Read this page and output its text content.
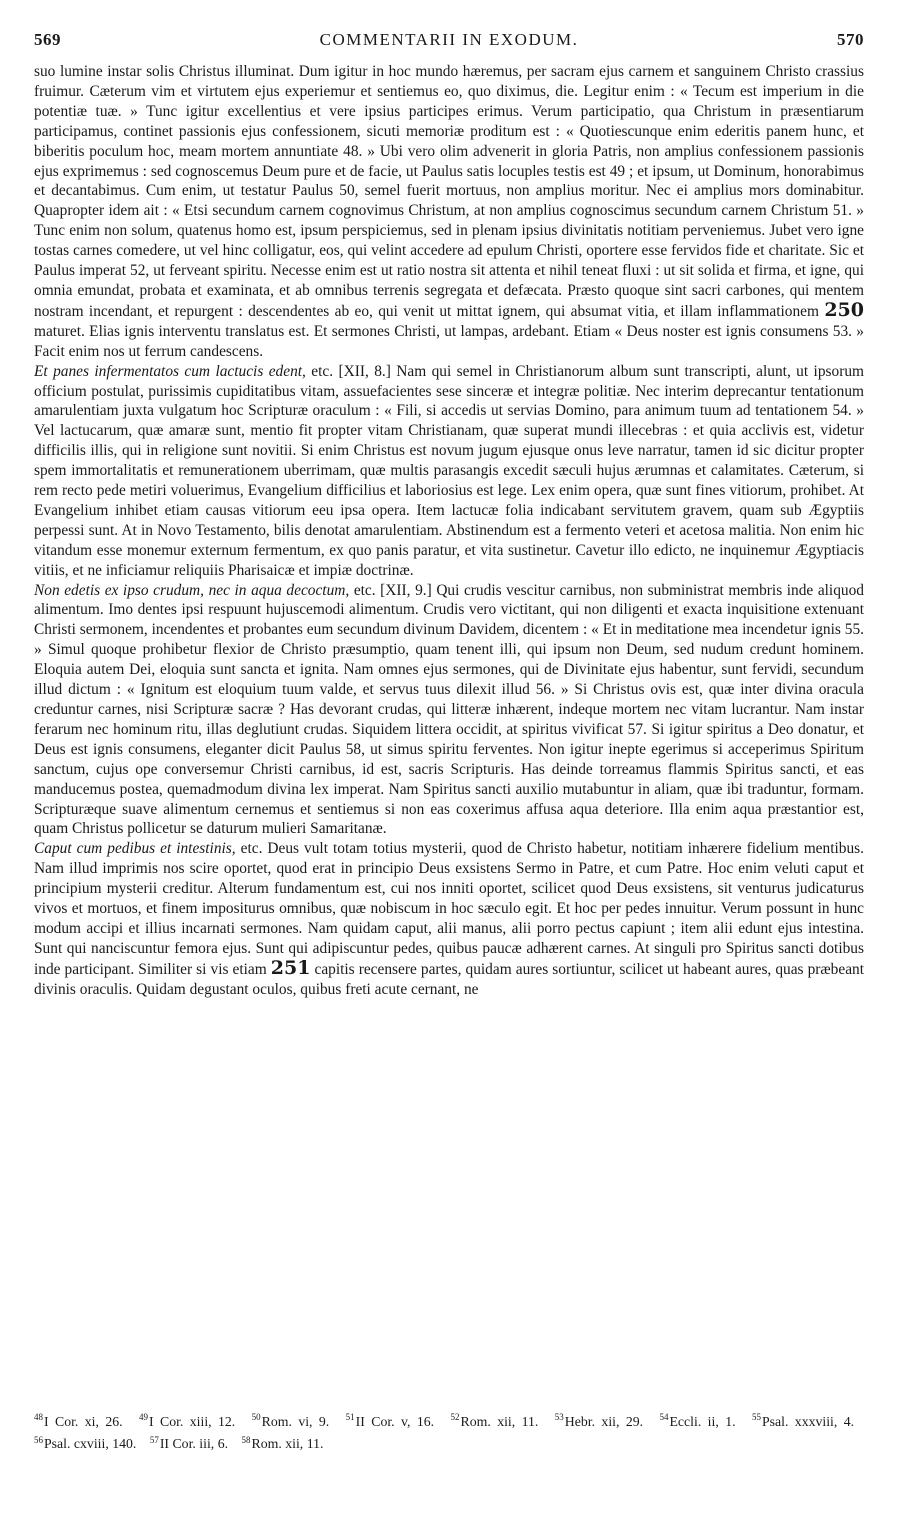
569	COMMENTARII IN EXODUM.	570

suo lumine instar solis Christus illuminat. Dum igitur in hoc mundo hæremus, per sacram ejus carnem et sanguinem Christo crassius fruimur. Cæterum vim et virtutem ejus experiemur et sentiemus eo, quo diximus, die. Legitur enim : « Tecum est imperium in die potentiæ tuæ. » Tunc igitur excellentius et vere ipsius participes erimus. Verum participatio, qua Christum in præsentiarum participamus, continet passionis ejus confessionem, sicuti memoriæ proditum est : « Quotiescunque enim ederitis panem hunc, et biberitis poculum hoc, meam mortem annuntiate 48. » Ubi vero olim advenerit in gloria Patris, non amplius confessionem passionis ejus exprimemus : sed cognoscemus Deum pure et de facie, ut Paulus satis locuples testis est 49 ; et ipsum, ut Dominum, honorabimus et decantabimus. Cum enim, ut testatur Paulus 50, semel fuerit mortuus, non amplius moritur. Nec ei amplius mors dominabitur. Quapropter idem ait : « Etsi secundum carnem cognovimus Christum, at non amplius cognoscimus secundum carnem Christum 51. » Tunc enim non solum, quatenus homo est, ipsum perspiciemus, sed in plenam ipsius divinitatis notitiam perveniemus. Jubet vero igne tostas carnes comedere, ut vel hinc colligatur, eos, qui velint accedere ad epulum Christi, oportere esse fervidos fide et charitate. Sic et Paulus imperat 52, ut ferveant spiritu. Necesse enim est ut ratio nostra sit attenta et nihil teneat fluxi : ut sit solida et firma, et igne, qui omnia emundat, probata et examinata, et ab omnibus terrenis segregata et defæcata. Præsto quoque sint sacri carbones, qui mentem nostram incendant, et repurgent : descendentes ab eo, qui venit ut mittat ignem, qui absumat vitia, et illam inflammationem 250 maturet. Elias ignis interventu translatus est. Et sermones Christi, ut lampas, ardebant. Etiam « Deus noster est ignis consumens 53. » Facit enim nos ut ferrum candescens.

Et panes infermentatos cum lactucis edent, etc. [XII, 8.] Nam qui semel in Christianorum album sunt transcripti, alunt, ut ipsorum officium postulat, purissimis cupiditatibus vitam, assuefacientes sese sinceræ et integræ politiæ. Nec interim deprecantur tentationum amarulentiam juxta vulgatum hoc Scripturæ oraculum : « Fili, si accedis ut servias Domino, para animum tuum ad tentationem 54. » Vel lactucarum, quæ amaræ sunt, mentio fit propter vitam Christianam, quæ superat mundi illecebras : et quia acclivis est, videtur difficilis illis, qui in religione sunt novitii. Si enim Christus est novum jugum ejusque onus leve narratur, tamen id sic dicitur propter spem immortalitatis et remunerationem uberrimam, quæ multis parasangis excedit sæculi hujus ærumnas et calamitates. Cæterum, si rem recto pede metiri voluerimus, Evangelium difficilius et laboriosius est lege. Lex enim opera, quæ sunt fines vitiorum, prohibet. At Evangelium inhibet etiam causas vitiorum eeu ipsa opera. Item lactucæ folia indicabant servitutem gravem, quam sub Ægyptiis perpessi sunt. At in Novo Testamento, bilis denotat amarulentiam. Abstinendum est a fermento veteri et acetosa malitia. Non enim hic vitandum esse monemur externum fermentum, ex quo panis paratur, et vita sustinetur. Cavetur illo edicto, ne inquinemur Ægyptiacis vitiis, et ne inficiamur reliquiis Pharisaicæ et impiæ doctrinæ.

Non edetis ex ipso crudum, nec in aqua decoctum, etc. [XII, 9.] Qui crudis vescitur carnibus, non subministrat membris inde aliquod alimentum. Imo dentes ipsi respuunt hujuscemodi alimentum. Crudis vero victitant, qui non diligenti et exacta inquisitione extenuant Christi sermonem, incendentes et probantes eum secundum divinum Davidem, dicentem : « Et in meditatione mea incendetur ignis 55. » Simul quoque prohibetur flexior de Christo præsumptio, quam tenent illi, qui ipsum non Deum, sed nudum credunt hominem. Eloquia autem Dei, eloquia sunt sancta et ignita. Nam omnes ejus sermones, qui de Divinitate ejus habentur, sunt fervidi, secundum illud dictum : « Ignitum est eloquium tuum valde, et servus tuus dilexit illud 56. » Si Christus ovis est, quæ inter divina oracula creduntur carnes, nisi Scripturæ sacræ ? Has devorant crudas, qui litteræ inhærent, indeque mortem nec vitam lucrantur. Nam instar ferarum nec hominum ritu, illas deglutiunt crudas. Siquidem littera occidit, at spiritus vivificat 57. Si igitur spiritus a Deo donatur, et Deus est ignis consumens, eleganter dicit Paulus 58, ut simus spiritu ferventes. Non igitur inepte egerimus si acceperimus Spiritum sanctum, cujus ope conversemur Christi carnibus, id est, sacris Scripturis. Has deinde torreamus flammis Spiritus sancti, et eas manducemus postea, quemadmodum divina lex imperat. Nam Spiritus sancti auxilio mutabuntur in aliam, quæ ibi traduntur, formam. Scripturæque suave alimentum cernemus et sentiemus si non eas coxerimus affusa aqua deteriore. Illa enim aqua præstantior est, quam Christus pollicetur se daturum mulieri Samaritanæ.

Caput cum pedibus et intestinis, etc. Deus vult totam totius mysterii, quod de Christo habetur, notitiam inhærere fidelium mentibus. Nam illud imprimis nos scire oportet, quod erat in principio Deus exsistens Sermo in Patre, et cum Patre. Hoc enim veluti caput et principium mysterii creditur. Alterum fundamentum est, cui nos inniti oportet, scilicet quod Deus exsistens, sit venturus judicaturus vivos et mortuos, et finem impositurus omnibus, quæ nobiscum in hoc sæculo egit. Et hoc per pedes innuitur. Verum possunt in hunc modum accipi et illius incarnati sermones. Nam quidam caput, alii manus, alii porro pectus capiunt ; item alii edunt ejus intestina. Sunt qui nanciscuntur femora ejus. Sunt qui adipiscuntur pedes, quibus paucæ adhærent carnes. At singuli pro Spiritus sancti dotibus inde participant. Similiter si vis etiam 251 capitis recensere partes, quidam aures sortiuntur, scilicet ut habeant aures, quas præbeant divinis oraculis. Quidam degustant oculos, quibus freti acute cernant, ne

$^{48}$I Cor. xi, 26. $^{49}$I Cor. xiii, 12. $^{50}$Rom. vi, 9. $^{51}$II Cor. v, 16. $^{52}$Rom. xii, 11. $^{53}$Hebr. xii, 29. $^{54}$Eccli. ii, 1. $^{55}$Psal. xxxviii, 4. $^{56}$Psal. cxviii, 140. $^{57}$II Cor. iii, 6. $^{58}$Rom. xii, 11.
